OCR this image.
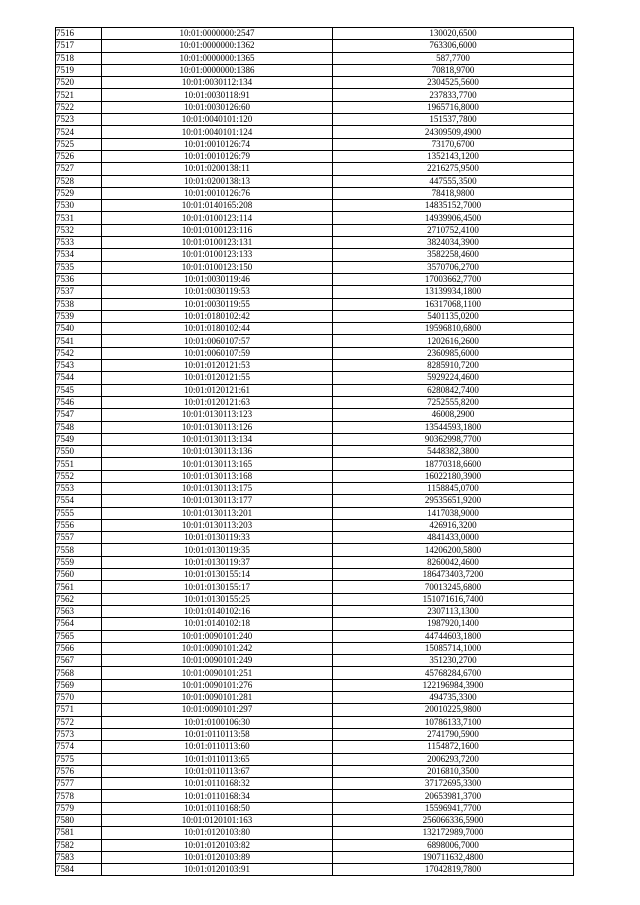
7516	10:01:0000000:2547	130020,6500
7517	10:01:0000000:1362	763306,6000
7518	10:01:0000000:1365	587,7700
7519	10:01:0000000:1386	70818,9700
7520	10:01:0030112:134	2304525,5600
7521	10:01:0030118:91	237833,7700
7522	10:01:0030126:60	1965716,8000
7523	10:01:0040101:120	151537,7800
7524	10:01:0040101:124	24309509,4900
7525	10:01:0010126:74	73170,6700
7526	10:01:0010126:79	1352143,1200
7527	10:01:0200138:11	2216275,9500
7528	10:01:0200138:13	447555,3500
7529	10:01:0010126:76	78418,9800
7530	10:01:0140165:208	14835152,7000
7531	10:01:0100123:114	14939906,4500
7532	10:01:0100123:116	2710752,4100
7533	10:01:0100123:131	3824034,3900
7534	10:01:0100123:133	3582258,4600
7535	10:01:0100123:150	3570706,2700
7536	10:01:0030119:46	17003662,7700
7537	10:01:0030119:53	13139934,1800
7538	10:01:0030119:55	16317068,1100
7539	10:01:0180102:42	5401135,0200
7540	10:01:0180102:44	19596810,6800
7541	10:01:0060107:57	1202616,2600
7542	10:01:0060107:59	2360985,6000
7543	10:01:0120121:53	8285910,7200
7544	10:01:0120121:55	5929224,4600
7545	10:01:0120121:61	6280842,7400
7546	10:01:0120121:63	7252555,8200
7547	10:01:0130113:123	46008,2900
7548	10:01:0130113:126	13544593,1800
7549	10:01:0130113:134	90362998,7700
7550	10:01:0130113:136	5448382,3800
7551	10:01:0130113:165	18770318,6600
7552	10:01:0130113:168	16022180,3900
7553	10:01:0130113:175	1158845,0700
7554	10:01:0130113:177	29535651,9200
7555	10:01:0130113:201	1417038,9000
7556	10:01:0130113:203	426916,3200
7557	10:01:0130119:33	4841433,0000
7558	10:01:0130119:35	14206200,5800
7559	10:01:0130119:37	8260042,4600
7560	10:01:0130155:14	186473403,7200
7561	10:01:0130155:17	70013245,6800
7562	10:01:0130155:25	151071616,7400
7563	10:01:0140102:16	2307113,1300
7564	10:01:0140102:18	1987920,1400
7565	10:01:0090101:240	44744603,1800
7566	10:01:0090101:242	15085714,1000
7567	10:01:0090101:249	351230,2700
7568	10:01:0090101:251	45768284,6700
7569	10:01:0090101:276	122196984,3900
7570	10:01:0090101:281	494735,3300
7571	10:01:0090101:297	20010225,9800
7572	10:01:0100106:30	10786133,7100
7573	10:01:0110113:58	2741790,5900
7574	10:01:0110113:60	1154872,1600
7575	10:01:0110113:65	2006293,7200
7576	10:01:0110113:67	2016810,3500
7577	10:01:0110168:32	37172695,3300
7578	10:01:0110168:34	20653981,3700
7579	10:01:0110168:50	15596941,7700
7580	10:01:0120101:163	256066336,5900
7581	10:01:0120103:80	132172989,7000
7582	10:01:0120103:82	6898006,7000
7583	10:01:0120103:89	190711632,4800
7584	10:01:0120103:91	17042819,7800
